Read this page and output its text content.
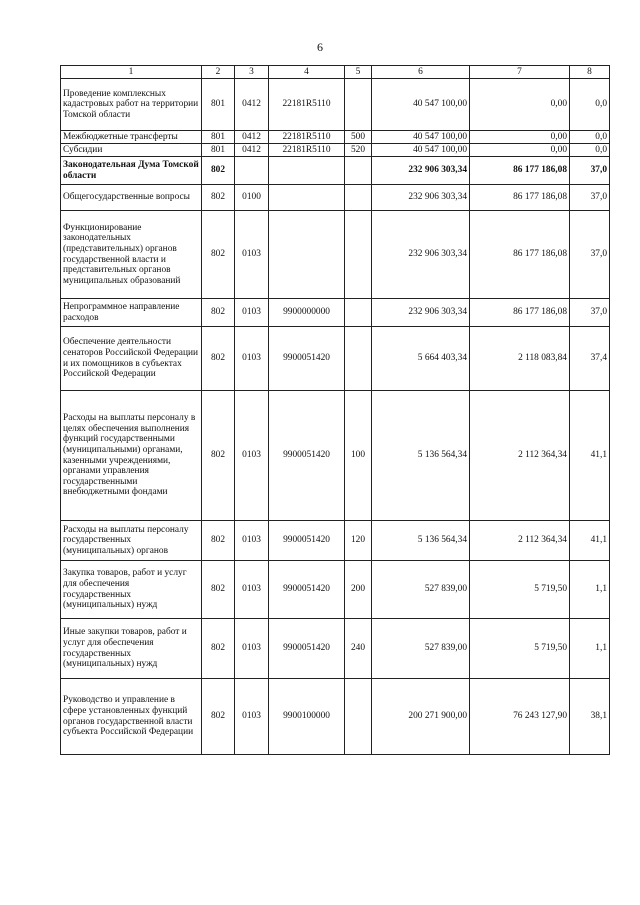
6
1	2	3	4	5	6	7	8
Проведение комплексных кадастровых работ на территории Томской области	801	0412	22181R5110		40 547 100,00	0,00	0,0
Межбюджетные трансферты	801	0412	22181R5110	500	40 547 100,00	0,00	0,0
Субсидии	801	0412	22181R5110	520	40 547 100,00	0,00	0,0
Законодательная Дума Томской области	802				232 906 303,34	86 177 186,08	37,0
Общегосударственные вопросы	802	0100			232 906 303,34	86 177 186,08	37,0
Функционирование законодательных (представительных) органов государственной власти и представительных органов муниципальных образований	802	0103			232 906 303,34	86 177 186,08	37,0
Непрограммное направление расходов	802	0103	9900000000		232 906 303,34	86 177 186,08	37,0
Обеспечение деятельности сенаторов Российской Федерации и их помощников в субъектах Российской Федерации	802	0103	9900051420		5 664 403,34	2 118 083,84	37,4
Расходы на выплаты персоналу в целях обеспечения выполнения функций государственными (муниципальными) органами, казенными учреждениями, органами управления государственными внебюджетными фондами	802	0103	9900051420	100	5 136 564,34	2 112 364,34	41,1
Расходы на выплаты персоналу государственных (муниципальных) органов	802	0103	9900051420	120	5 136 564,34	2 112 364,34	41,1
Закупка товаров, работ и услуг для обеспечения государственных (муниципальных) нужд	802	0103	9900051420	200	527 839,00	5 719,50	1,1
Иные закупки товаров, работ и услуг для обеспечения государственных (муниципальных) нужд	802	0103	9900051420	240	527 839,00	5 719,50	1,1
Руководство и управление в сфере установленных функций органов государственной власти субъекта Российской Федерации	802	0103	9900100000		200 271 900,00	76 243 127,90	38,1
